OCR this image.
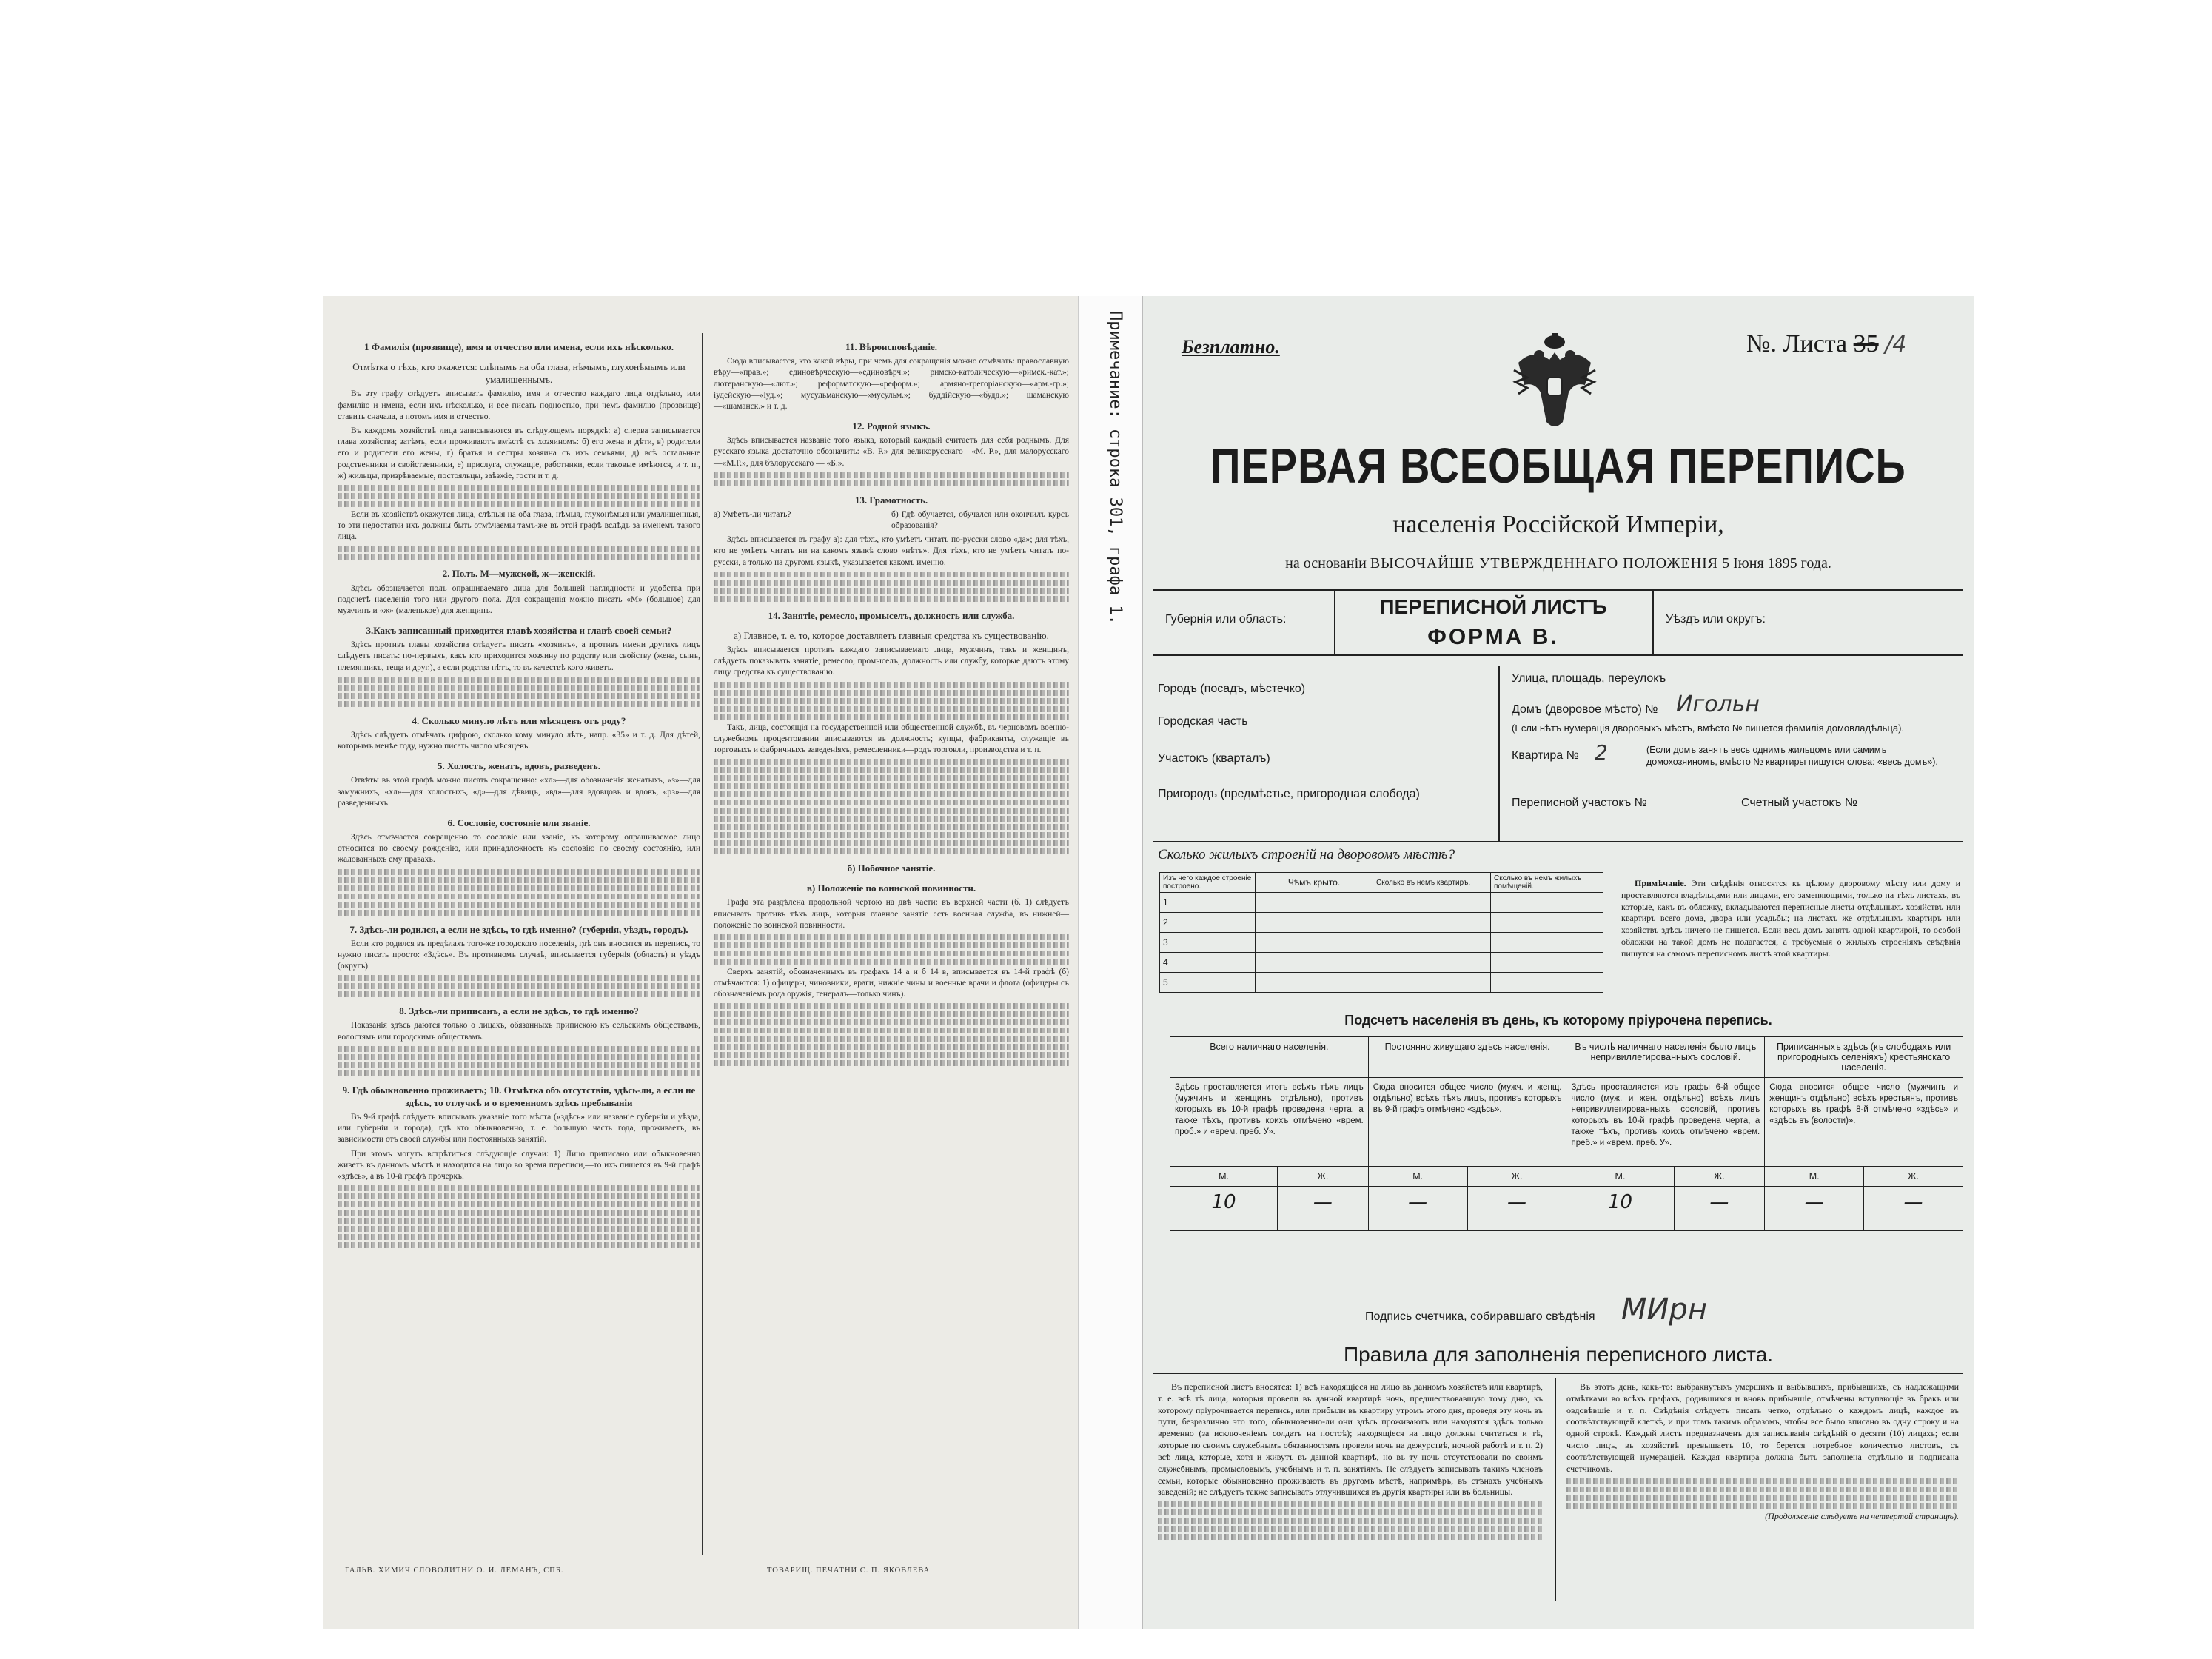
1 Фамилія (прозвище), имя и отчество или имена, если ихъ нѣсколько.
Отмѣтка о тѣхъ, кто окажется: слѣпымъ на оба глаза, нѣмымъ, глухонѣмымъ или умалишеннымъ.

Въ эту графу слѣдуетъ вписывать фамилію, имя и отчество каждаго лица отдѣльно, или фамилію и имена, если ихъ нѣсколько, и все писать подностью, при чемъ фамилію (прозвище) ставить сначала, а потомъ имя и отчество.

Въ каждомъ хозяйствѣ лица записываются въ слѣдующемъ порядкѣ: а) сперва записывается глава хозяйства; затѣмъ, если проживаютъ вмѣстѣ съ хозяиномъ: б) его жена и дѣти, в) родители его и родители его жены, г) братья и сестры хозяина съ ихъ семьями, д) всѣ остальные родственники и свойственники, е) прислуга, служащіе, работники, если таковые имѣются, и т. п., ж) жильцы, призрѣваемые, постояльцы, заѣзжіе, гости и т. д.

Если въ хозяйствѣ окажутся лица, слѣпыя на оба глаза, нѣмыя, глухонѣмыя или умалишенныя, то эти недостатки ихъ должны быть отмѣчаемы тамъ-же въ этой графѣ вслѣдъ за именемъ такого лица.

2. Полъ. М—мужской, ж—женскій.

Здѣсь обозначается полъ опрашиваемаго лица для большей наглядности и удобства при подсчетѣ населенія того или другого пола. Для сокращенія можно писать «М» (большое) для мужчинъ и «ж» (маленькое) для женщинъ.

3.Какъ записанный приходится главѣ хозяйства и главѣ своей семьи?

Здѣсь противъ главы хозяйства слѣдуетъ писать «хозяинъ», а противъ имени другихъ лицъ слѣдуетъ писать: по-первыхъ, какъ кто приходится хозяину по родству или свойству (жена, сынъ, племянникъ, теща и друг.), а если родства нѣтъ, то въ качествѣ кого живетъ.

4. Сколько минуло лѣтъ или мѣсяцевъ отъ роду?

Здѣсь слѣдуетъ отмѣчать цифрою, сколько кому минуло лѣтъ, напр. «35» и т. д. Для дѣтей, которымъ менѣе году, нужно писать число мѣсяцевъ.

5. Холостъ, женатъ, вдовъ, разведенъ.

Отвѣты въ этой графѣ можно писать сокращенно: «хл»—для обозначенія женатыхъ, «з»—для замужнихъ, «хл»—для холостыхъ, «д»—для дѣвицъ, «вд»—для вдовцовъ и вдовъ, «рз»—для разведенныхъ.

6. Сословіе, состояніе или званіе.

Здѣсь отмѣчается сокращенно то сословіе или званіе, къ которому опрашиваемое лицо относится по своему рожденію, или принадлежность къ сословію по своему состоянію, или жалованныхъ ему правахъ.

7. Здѣсь-ли родился, а если не здѣсь, то гдѣ именно? (губернія, уѣздъ, городъ).

Если кто родился въ предѣлахъ того-же городского поселенія, гдѣ онъ вносится въ перепись, то нужно писать просто: «Здѣсь». Въ противномъ случаѣ, вписывается губернія (область) и уѣздъ (округъ).

8. Здѣсь-ли приписанъ, а если не здѣсь, то гдѣ именно?

Показанія здѣсь даются только о лицахъ, обязанныхъ припискою къ сельскимъ обществамъ, волостямъ или городскимъ обществамъ.

9. Гдѣ обыкновенно проживаетъ; 10. Отмѣтка объ отсутствіи, здѣсь-ли, а если не здѣсь, то отлучкѣ и о временномъ здѣсь пребываніи

Въ 9-й графѣ слѣдуетъ вписывать указаніе того мѣста («здѣсь» или названіе губерніи и уѣзда, или губерніи и города), гдѣ кто обыкновенно, т. е. большую часть года, проживаетъ, въ зависимости отъ своей службы или постоянныхъ занятій.

При этомъ могутъ встрѣтиться слѣдующіе случаи: 1) Лицо приписано или обыкновенно живетъ въ данномъ мѣстѣ и находится на лицо во время переписи,—то ихъ пишется въ 9-й графѣ «здѣсь», а въ 10-й графѣ прочеркъ.

11. Вѣроисповѣданіе.

Сюда вписывается, кто какой вѣры, при чемъ для сокращенія можно отмѣчать: православную вѣру—«прав.»; единовѣрческую—«единовѣрч.»; римско-католическую—«римск.-кат.»; лютеранскую—«лют.»; реформатскую—«реформ.»; армяно-грегоріанскую—«арм.-гр.»; іудейскую—«іуд.»; мусульманскую—«мусульм.»; буддійскую—«будд.»; шаманскую—«шаманск.» и т. д.

12. Родной языкъ.

Здѣсь вписывается названіе того языка, который каждый считаетъ для себя роднымъ. Для русскаго языка достаточно обозначить: «В. Р.» для великорусскаго—«М. Р.», для малорусскаго—«М.Р.», для бѣлорусскаго — «Б.».

13. Грамотность.
а) Умѣетъ-ли читать?	б) Гдѣ обучается, обучался или окончилъ курсъ образованія?

Здѣсь вписывается въ графу а): для тѣхъ, кто умѣетъ читать по-русски слово «да»; для тѣхъ, кто не умѣетъ читать ни на какомъ языкѣ слово «нѣтъ». Для тѣхъ, кто не умѣетъ читать по-русски, а только на другомъ языкѣ, указывается какомъ именно.

14. Занятіе, ремесло, промыселъ, должность или служба.
а) Главное, т. е. то, которое доставляетъ главныя средства къ существованію.

Здѣсь вписывается противъ каждаго записываемаго лица, мужчинъ, такъ и женщинъ, слѣдуетъ показывать занятіе, ремесло, промыселъ, должность или службу, которые даютъ этому лицу средства къ существованію.

Такъ, лица, состоящія на государственной или общественной службѣ, въ черновомъ военно-служебномъ процентовании вписываются въ должность; купцы, фабриканты, служащіе въ торговыхъ и фабричныхъ заведеніяхъ, ремесленники—родъ торговли, производства и т. п.

б) Побочное занятіе.
в) Положеніе по воинской повинности.

Графа эта раздѣлена продольной чертою на двѣ части: въ верхней части (б. 1) слѣдуетъ вписывать противъ тѣхъ лицъ, которыя главное занятіе есть военная служба, въ нижней—положеніе по воинской повинности.

Сверхъ занятій, обозначенныхъ въ графахъ 14 а и б 14 в, вписывается въ 14-й графѣ (б) отмѣчаются: 1) офицеры, чиновники, враги, нижніе чины и военные врачи и флота (офицеры съ обозначеніемъ рода оружія, генералъ—только чинъ).

ГАЛЬВ. ХИМИЧ СЛОВОЛИТНИ О. И. ЛЕМАНЪ, СПБ.	ТОВАРИЩ. ПЕЧАТНИ С. П. ЯКОВЛЕВА
Примечание: строка 301, графа 1.	Безплатно.	№. Листа 35 /4
ПЕРВАЯ ВСЕОБЩАЯ ПЕРЕПИСЬ
населенія Россійской Имперіи,
на основаніи ВЫСОЧАЙШЕ УТВЕРЖДЕННАГО ПОЛОЖЕНІЯ 5 Іюня 1895 года.
Губернія или область:
ПЕРЕПИСНОЙ ЛИСТЪ
ФОРМА В.
Уѣздъ или округъ:
Городъ (посадъ, мѣстечко)
Городская часть
Участокъ (кварталъ)
Пригородъ (предмѣстье, пригородная слобода)
Улица, площадь, переулокъ
Домъ (дворовое мѣсто) № Игольн
(Если нѣтъ нумерація дворовыхъ мѣстъ, вмѣсто № пишется фамилія домовладѣльца).
Квартира № 2	(Если домъ занятъ весь однимъ жильцомъ или самимъ домохозяиномъ, вмѣсто № квартиры пишутся слова: «весь домъ»).
Переписной участокъ №	Счетный участокъ №
Сколько жилыхъ строеній на дворовомъ мѣстѣ?
Изъ чего каждое строеніе построено.	Чѣмъ крыто.	Сколько въ немъ квартиръ.	Сколько въ немъ жилыхъ помѣщеній.
1			
2			
3			
4			
5			

Примѣчаніе. Эти свѣдѣнія относятся къ цѣлому дворовому мѣсту или дому и проставляются владѣльцами или лицами, его заменяющими, только на тѣхъ листахъ, въ которые, какъ въ обложку, вкладываются переписные листы отдѣльныхъ хозяйствъ или квартиръ всего дома, двора или усадьбы; на листахъ же отдѣльныхъ квартиръ или хозяйствъ здѣсь ничего не пишется. Если весь домъ занятъ одной квартирой, то особой обложки на такой домъ не полагается, а требуемыя о жилыхъ строеніяхъ свѣдѣнія пишутся на самомъ переписномъ листѣ этой квартиры.

Подсчетъ населенія въ день, къ которому пріурочена перепись.
Всего наличнаго населенія.		Постоянно живущаго здѣсь населенія.		Въ числѣ наличнаго населенія было лицъ непривиллегированныхъ сословій.		Приписанныхъ здѣсь (къ слободахъ или пригородныхъ селеніяхъ) крестьянскаго населенія.	
Здѣсь проставляется итогъ всѣхъ тѣхъ лицъ (мужчинъ и женщинъ отдѣльно), противъ которыхъ въ 10-й графѣ проведена черта, а также тѣхъ, противъ коихъ отмѣчено «врем. проб.» и «врем. преб. У».		Сюда вносится общее число (мужч. и женщ. отдѣльно) всѣхъ тѣхъ лицъ, противъ которыхъ въ 9-й графѣ отмѣчено «здѣсь».		Здѣсь проставляется изъ графы 6-й общее число (муж. и жен. отдѣльно) всѣхъ лицъ непривиллегированныхъ сословій, противъ которыхъ въ 10-й графѣ проведена черта, а также тѣхъ, противъ коихъ отмѣчено «врем. преб.» и «врем. преб. У».		Сюда вносится общее число (мужчинъ и женщинъ отдѣльно) всѣхъ крестьянъ, противъ которыхъ въ графѣ 8-й отмѣчено «здѣсь» и «здѣсь въ (волости)».	
М.	Ж.	М.	Ж.	М.	Ж.	М.	Ж.
10	—	—	—	10	—	—	—
Подпись счетчика, собиравшаго свѣдѣнія МИрн
Правила для заполненія переписного листа.

Въ переписной листъ вносятся: 1) всѣ находящіеся на лицо въ данномъ хозяйствѣ или квартирѣ, т. е. всѣ тѣ лица, которыя провели въ данной квартирѣ ночь, предшествовавшую тому дню, къ которому пріурочивается перепись, или прибыли въ квартиру утромъ этого дня, проведя эту ночь въ пути, безразлично это того, обыкновенно-ли они здѣсь проживаютъ или находятся здѣсь только временно (за исключеніемъ солдатъ на постоѣ); находящіеся на лицо должны считаться и тѣ, которые по своимъ служебнымъ обязанностямъ провели ночь на дежурствѣ, ночной работѣ и т. п. 2) всѣ лица, которые, хотя и живутъ въ данной квартирѣ, но въ ту ночь отсутствовали по своимъ служебнымъ, промысловымъ, учебнымъ и т. п. занятіямъ. Не слѣдуетъ записывать такихъ членовъ семьи, которые обыкновенно проживаютъ въ другомъ мѣстѣ, напримѣръ, въ стѣнахъ учебныхъ заведеній; не слѣдуетъ также записывать отлучившихся въ другія квартиры или въ больницы.

Въ этотъ день, какъ-то: выбракнутыхъ умершихъ и выбывшихъ, прибывшихъ, съ надлежащими отмѣтками во всѣхъ графахъ, родившихся и вновь прибывшіе, отмѣчены вступающіе въ бракъ или овдовѣвшіе и т. п. Свѣдѣнія слѣдуетъ писать четко, отдѣльно о каждомъ лицѣ, каждое въ соотвѣтствующей клеткѣ, и при томъ такимъ образомъ, чтобы все было вписано въ одну строку и на одной строкѣ. Каждый листъ предназначенъ для записыванія свѣдѣній о десяти (10) лицахъ; если число лицъ, въ хозяйствѣ превышаетъ 10, то берется потребное количество листовъ, съ соотвѣтствующей нумераціей. Каждая квартира должна быть заполнена отдѣльно и подписана счетчикомъ.

(Продолженіе слѣдуетъ на четвертой страницѣ).
